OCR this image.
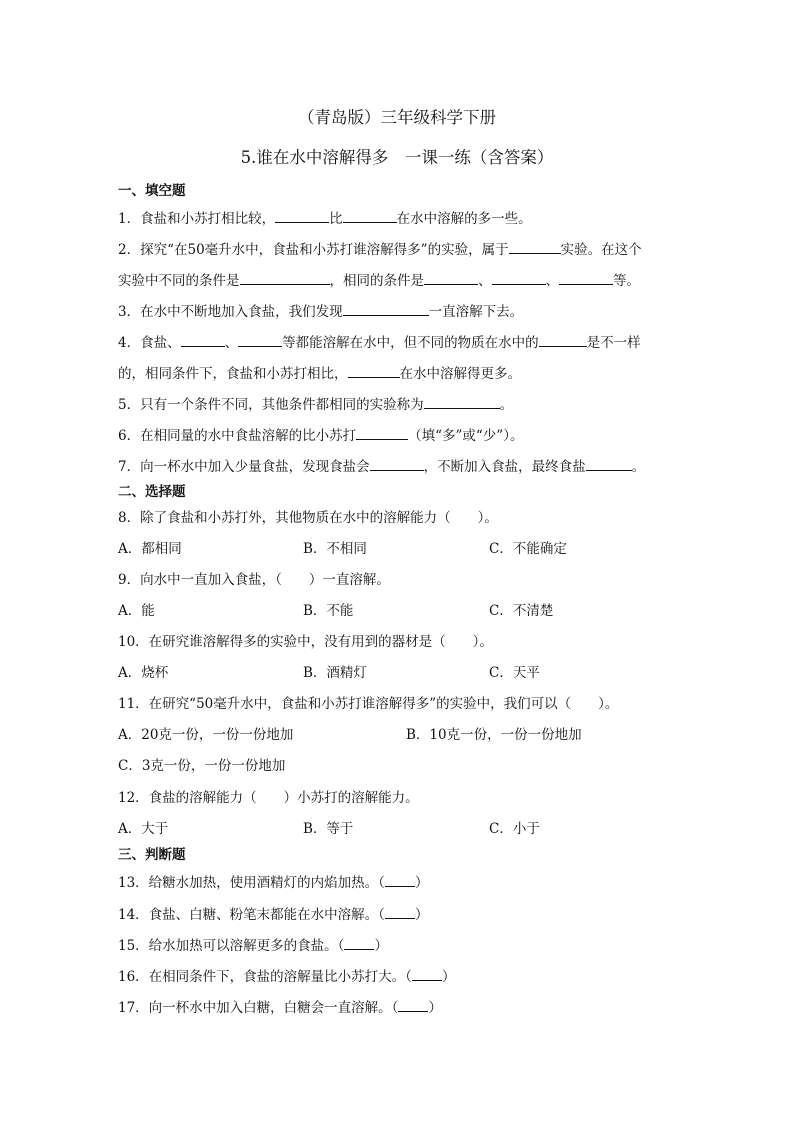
（青岛版）三年级科学下册
5.谁在水中溶解得多　一课一练（含答案）
一、填空题
1．食盐和小苏打相比较，	比	在水中溶解的多一些。
2．探究“在50毫升水中，食盐和小苏打谁溶解得多”的实验，属于	实验。在这个
实验中不同的条件是	，相同的条件是	、	、	等。
3．在水中不断地加入食盐，我们发现	一直溶解下去。
4．食盐、	、	等都能溶解在水中，但不同的物质在水中的	是不一样
的，相同条件下，食盐和小苏打相比，	在水中溶解得更多。
5．只有一个条件不同，其他条件都相同的实验称为	。
6．在相同量的水中食盐溶解的比小苏打	（填“多”或“少”）。
7．向一杯水中加入少量食盐，发现食盐会	，不断加入食盐，最终食盐	。
二、选择题
8．除了食盐和小苏打外，其他物质在水中的溶解能力（　　）。
A．都相同	B．不相同	C．不能确定
9．向水中一直加入食盐，（　　）一直溶解。
A．能	B．不能	C．不清楚
10．在研究谁溶解得多的实验中，没有用到的器材是（　　）。
A．烧杯	B．酒精灯	C．天平
11．在研究“50毫升水中，食盐和小苏打谁溶解得多”的实验中，我们可以（　　）。
A．20克一份，一份一份地加	B．10克一份，一份一份地加
C．3克一份，一份一份地加
12．食盐的溶解能力（　　）小苏打的溶解能力。
A．大于	B．等于	C．小于
三、判断题
13．给糖水加热，使用酒精灯的内焰加热。（ ）
14．食盐、白糖、粉笔末都能在水中溶解。（ ）
15．给水加热可以溶解更多的食盐。（ ）
16．在相同条件下，食盐的溶解量比小苏打大。（ ）
17．向一杯水中加入白糖，白糖会一直溶解。（ ）
